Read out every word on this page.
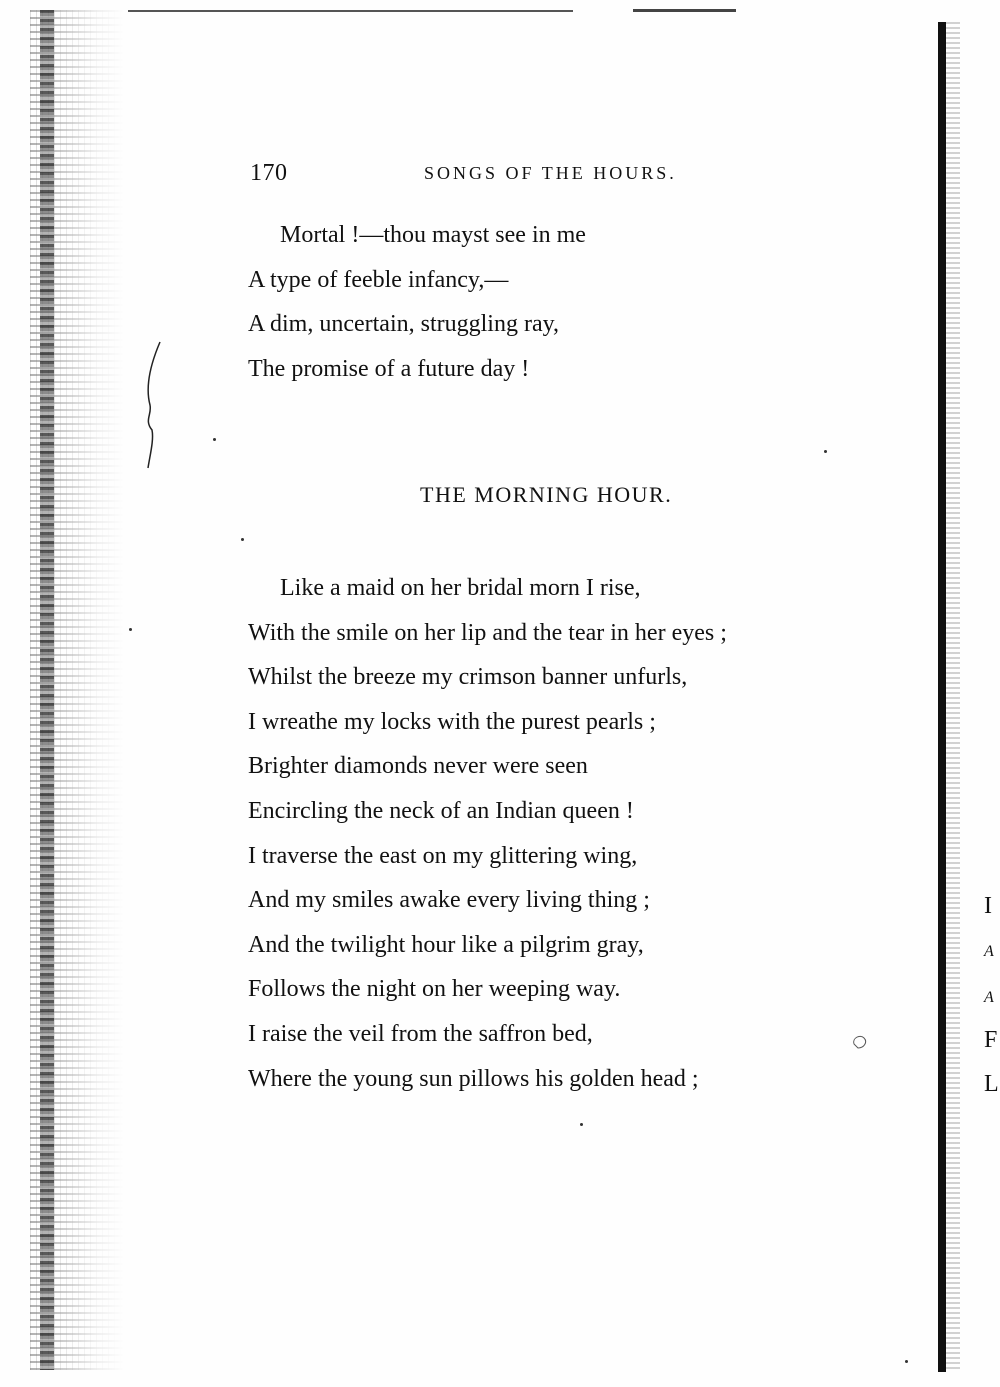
170	SONGS OF THE HOURS.
Mortal !—thou mayst see in me
A type of feeble infancy,—
A dim, uncertain, struggling ray,
The promise of a future day !
THE MORNING HOUR.
Like a maid on her bridal morn I rise,
With the smile on her lip and the tear in her eyes ;
Whilst the breeze my crimson banner unfurls,
I wreathe my locks with the purest pearls ;
Brighter diamonds never were seen
Encircling the neck of an Indian queen !
I traverse the east on my glittering wing,
And my smiles awake every living thing ;
And the twilight hour like a pilgrim gray,
Follows the night on her weeping way.
I raise the veil from the saffron bed,
Where the young sun pillows his golden head ;
I
A
A
F
L
